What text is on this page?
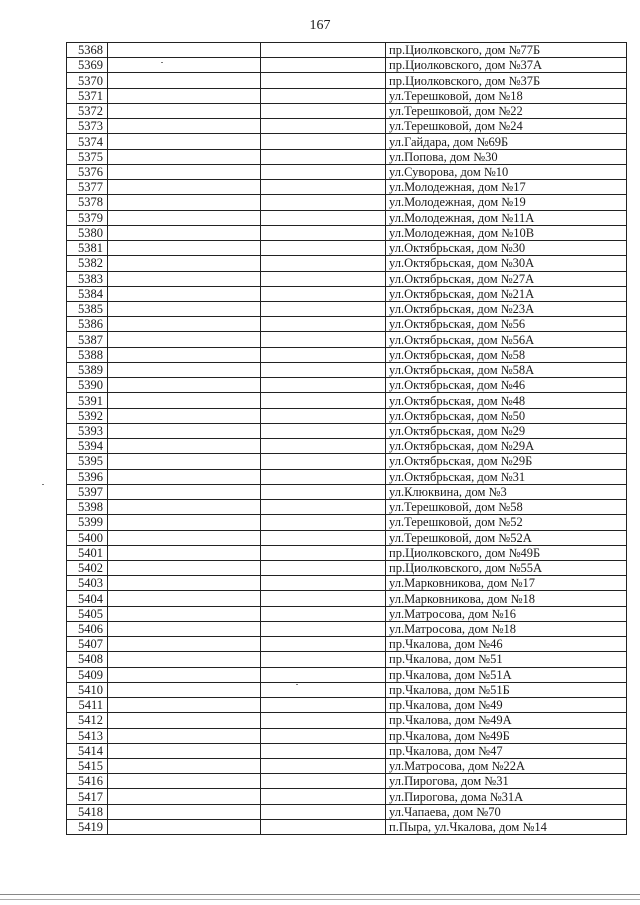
167
5368			пр.Циолковского, дом №77Б
5369			пр.Циолковского, дом №37А
5370			пр.Циолковского, дом №37Б
5371			ул.Терешковой, дом №18
5372			ул.Терешковой, дом №22
5373			ул.Терешковой, дом №24
5374			ул.Гайдара, дом №69Б
5375			ул.Попова, дом №30
5376			ул.Суворова, дом №10
5377			ул.Молодежная, дом №17
5378			ул.Молодежная, дом №19
5379			ул.Молодежная, дом №11А
5380			ул.Молодежная, дом №10В
5381			ул.Октябрьская, дом №30
5382			ул.Октябрьская, дом №30А
5383			ул.Октябрьская, дом №27А
5384			ул.Октябрьская, дом №21А
5385			ул.Октябрьская, дом №23А
5386			ул.Октябрьская, дом №56
5387			ул.Октябрьская, дом №56А
5388			ул.Октябрьская, дом №58
5389			ул.Октябрьская, дом №58А
5390			ул.Октябрьская, дом №46
5391			ул.Октябрьская, дом №48
5392			ул.Октябрьская, дом №50
5393			ул.Октябрьская, дом №29
5394			ул.Октябрьская, дом №29А
5395			ул.Октябрьская, дом №29Б
5396			ул.Октябрьская, дом №31
5397			ул.Клюквина, дом №3
5398			ул.Терешковой, дом №58
5399			ул.Терешковой, дом №52
5400			ул.Терешковой, дом №52А
5401			пр.Циолковского, дом №49Б
5402			пр.Циолковского, дом №55А
5403			ул.Марковникова, дом №17
5404			ул.Марковникова, дом №18
5405			ул.Матросова, дом №16
5406			ул.Матросова, дом №18
5407			пр.Чкалова, дом №46
5408			пр.Чкалова, дом №51
5409			пр.Чкалова, дом №51А
5410			пр.Чкалова, дом №51Б
5411			пр.Чкалова, дом №49
5412			пр.Чкалова, дом №49А
5413			пр.Чкалова, дом №49Б
5414			пр.Чкалова, дом №47
5415			ул.Матросова, дом №22А
5416			ул.Пирогова, дом №31
5417			ул.Пирогова, дома №31А
5418			ул.Чапаева, дом №70
5419			п.Пыра, ул.Чкалова, дом №14
